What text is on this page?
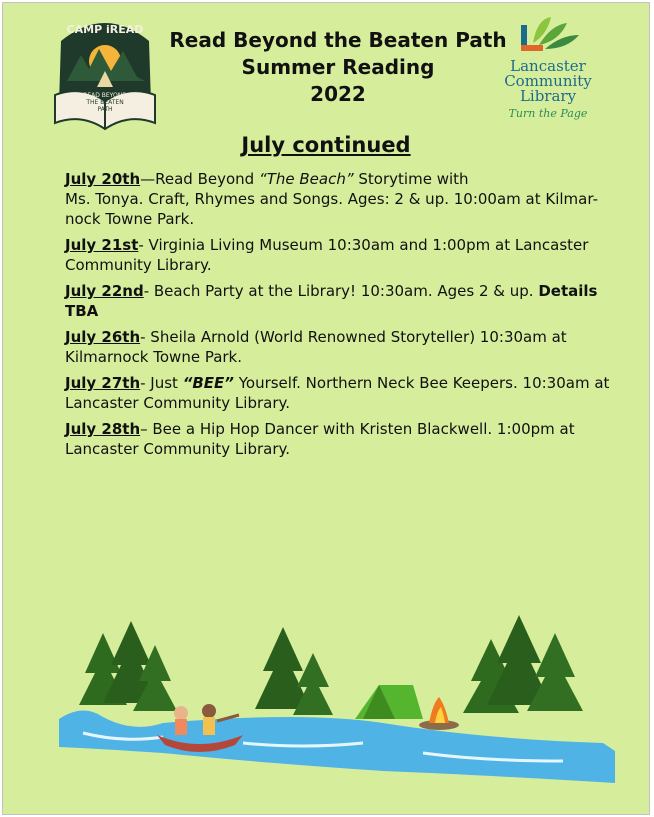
CAMP iREAD
READ BEYOND
THE BEATEN
PATH
Read Beyond the Beaten Path
Summer Reading
2022
Lancaster
Community
Library
Turn the Page
July continued
July 20th—Read Beyond “The Beach” Storytime with
Ms. Tonya. Craft, Rhymes and Songs. Ages: 2 & up. 10:00am at Kilmar-
nock Towne Park.
July 21st- Virginia Living Museum 10:30am and 1:00pm at Lancaster Community Library.
July 22nd- Beach Party at the Library! 10:30am. Ages 2 & up. Details TBA
July 26th- Sheila Arnold (World Renowned Storyteller) 10:30am at Kilmarnock Towne Park.
July 27th- Just “BEE” Yourself. Northern Neck Bee Keepers. 10:30am at Lancaster Community Library.
July 28th– Bee a Hip Hop Dancer with Kristen Blackwell. 1:00pm at Lancaster Community Library.
